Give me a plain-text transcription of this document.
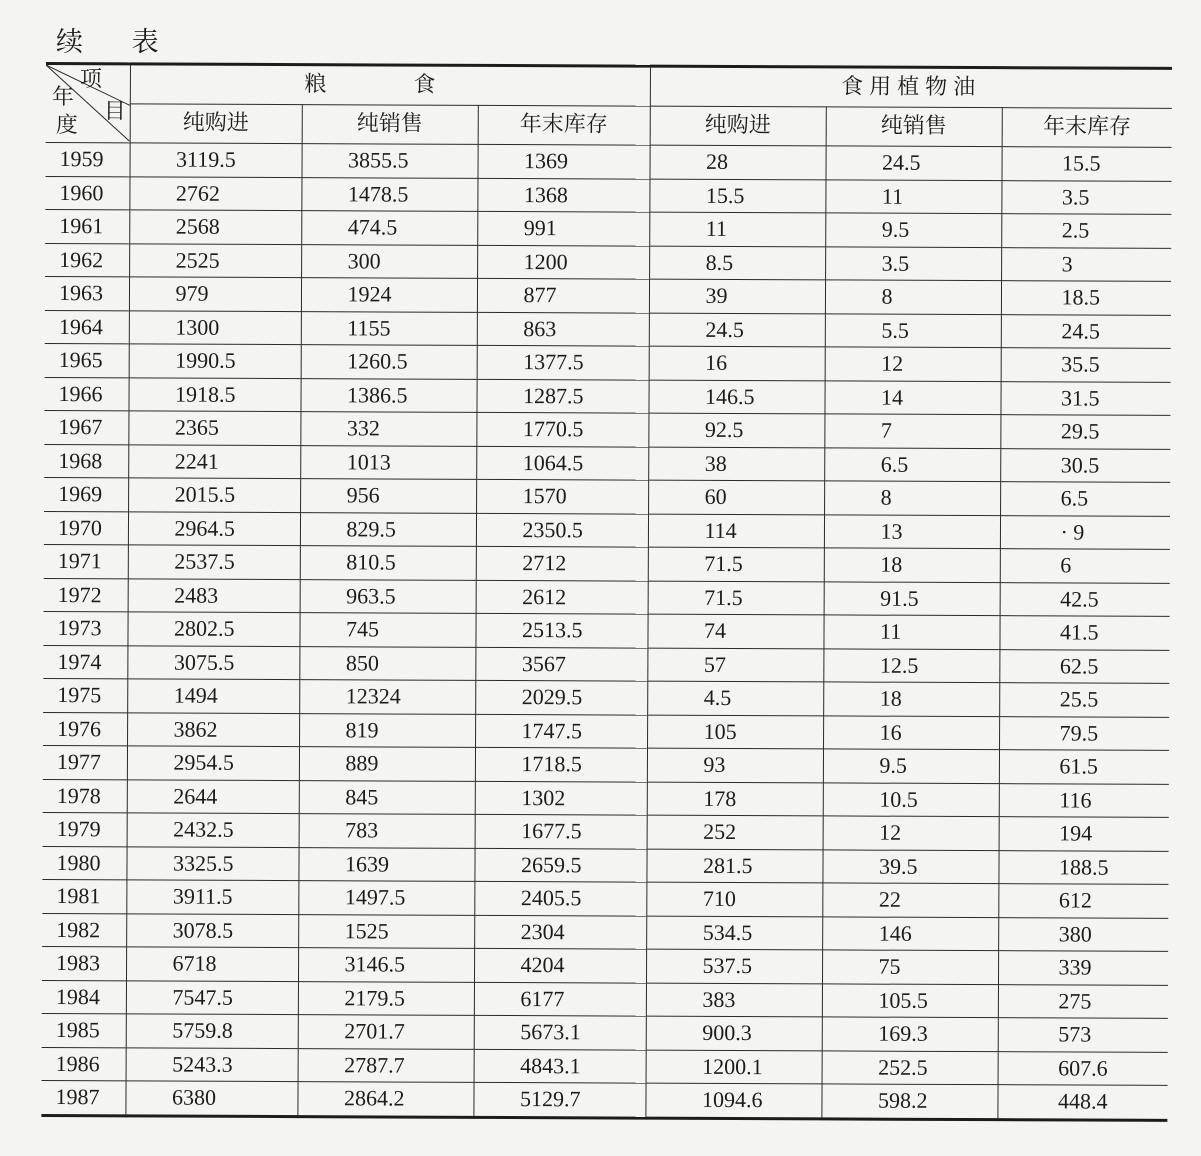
续 表
项
目
年
度	粮 食			食用植物油		
	纯购进	纯销售	年末库存	纯购进	纯销售	年末库存
1959	3119.5	3855.5	1369	28	24.5	15.5
1960	2762	1478.5	1368	15.5	11	3.5
1961	2568	474.5	991	11	9.5	2.5
1962	2525	300	1200	8.5	3.5	3
1963	979	1924	877	39	8	18.5
1964	1300	1155	863	24.5	5.5	24.5
1965	1990.5	1260.5	1377.5	16	12	35.5
1966	1918.5	1386.5	1287.5	146.5	14	31.5
1967	2365	332	1770.5	92.5	7	29.5
1968	2241	1013	1064.5	38	6.5	30.5
1969	2015.5	956	1570	60	8	6.5
1970	2964.5	829.5	2350.5	114	13	· 9
1971	2537.5	810.5	2712	71.5	18	6
1972	2483	963.5	2612	71.5	91.5	42.5
1973	2802.5	745	2513.5	74	11	41.5
1974	3075.5	850	3567	57	12.5	62.5
1975	1494	12324	2029.5	4.5	18	25.5
1976	3862	819	1747.5	105	16	79.5
1977	2954.5	889	1718.5	93	9.5	61.5
1978	2644	845	1302	178	10.5	116
1979	2432.5	783	1677.5	252	12	194
1980	3325.5	1639	2659.5	281.5	39.5	188.5
1981	3911.5	1497.5	2405.5	710	22	612
1982	3078.5	1525	2304	534.5	146	380
1983	6718	3146.5	4204	537.5	75	339
1984	7547.5	2179.5	6177	383	105.5	275
1985	5759.8	2701.7	5673.1	900.3	169.3	573
1986	5243.3	2787.7	4843.1	1200.1	252.5	607.6
1987	6380	2864.2	5129.7	1094.6	598.2	448.4
